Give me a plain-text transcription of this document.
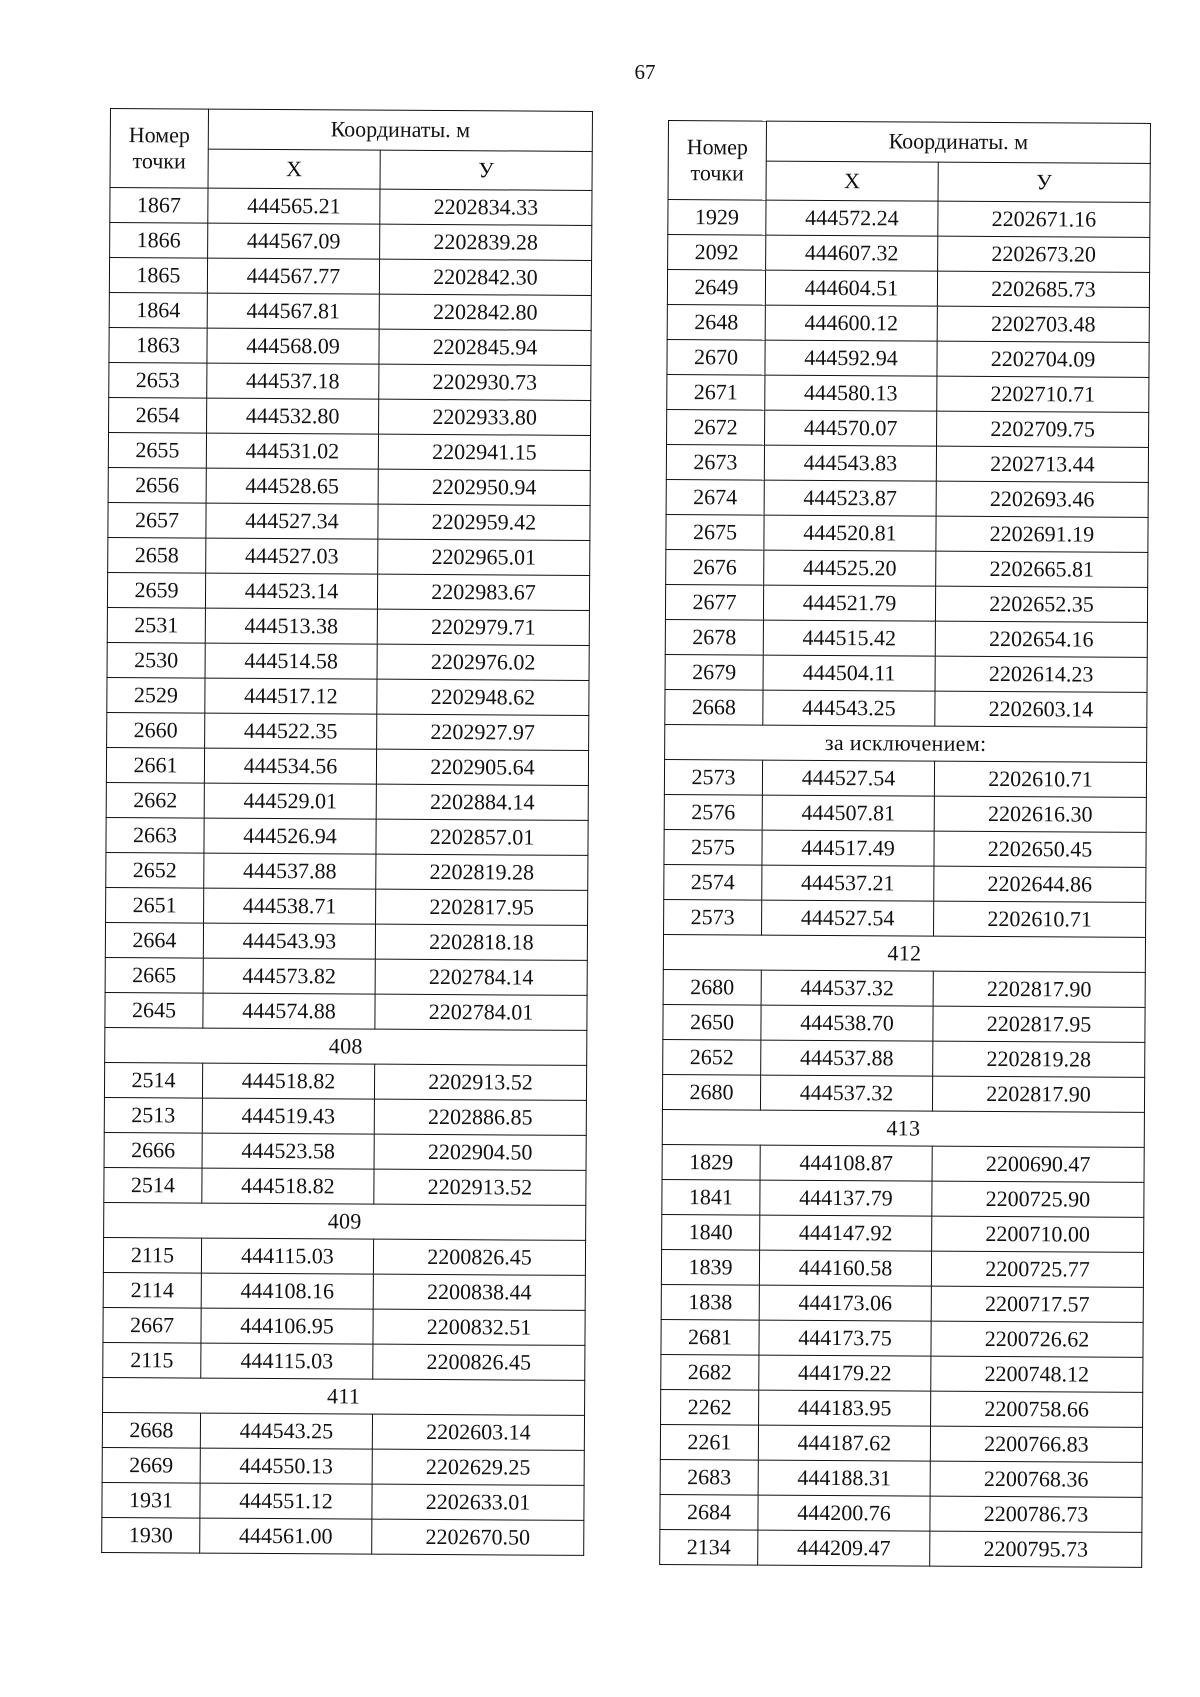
67
Номер точки	Координаты. м	
	Х	У
1867	444565.21	2202834.33
1866	444567.09	2202839.28
1865	444567.77	2202842.30
1864	444567.81	2202842.80
1863	444568.09	2202845.94
2653	444537.18	2202930.73
2654	444532.80	2202933.80
2655	444531.02	2202941.15
2656	444528.65	2202950.94
2657	444527.34	2202959.42
2658	444527.03	2202965.01
2659	444523.14	2202983.67
2531	444513.38	2202979.71
2530	444514.58	2202976.02
2529	444517.12	2202948.62
2660	444522.35	2202927.97
2661	444534.56	2202905.64
2662	444529.01	2202884.14
2663	444526.94	2202857.01
2652	444537.88	2202819.28
2651	444538.71	2202817.95
2664	444543.93	2202818.18
2665	444573.82	2202784.14
2645	444574.88	2202784.01
408		
2514	444518.82	2202913.52
2513	444519.43	2202886.85
2666	444523.58	2202904.50
2514	444518.82	2202913.52
409		
2115	444115.03	2200826.45
2114	444108.16	2200838.44
2667	444106.95	2200832.51
2115	444115.03	2200826.45
411		
2668	444543.25	2202603.14
2669	444550.13	2202629.25
1931	444551.12	2202633.01
1930	444561.00	2202670.50
Номер точки	Координаты. м	
	Х	У
1929	444572.24	2202671.16
2092	444607.32	2202673.20
2649	444604.51	2202685.73
2648	444600.12	2202703.48
2670	444592.94	2202704.09
2671	444580.13	2202710.71
2672	444570.07	2202709.75
2673	444543.83	2202713.44
2674	444523.87	2202693.46
2675	444520.81	2202691.19
2676	444525.20	2202665.81
2677	444521.79	2202652.35
2678	444515.42	2202654.16
2679	444504.11	2202614.23
2668	444543.25	2202603.14
за исключением:		
2573	444527.54	2202610.71
2576	444507.81	2202616.30
2575	444517.49	2202650.45
2574	444537.21	2202644.86
2573	444527.54	2202610.71
412		
2680	444537.32	2202817.90
2650	444538.70	2202817.95
2652	444537.88	2202819.28
2680	444537.32	2202817.90
413		
1829	444108.87	2200690.47
1841	444137.79	2200725.90
1840	444147.92	2200710.00
1839	444160.58	2200725.77
1838	444173.06	2200717.57
2681	444173.75	2200726.62
2682	444179.22	2200748.12
2262	444183.95	2200758.66
2261	444187.62	2200766.83
2683	444188.31	2200768.36
2684	444200.76	2200786.73
2134	444209.47	2200795.73
